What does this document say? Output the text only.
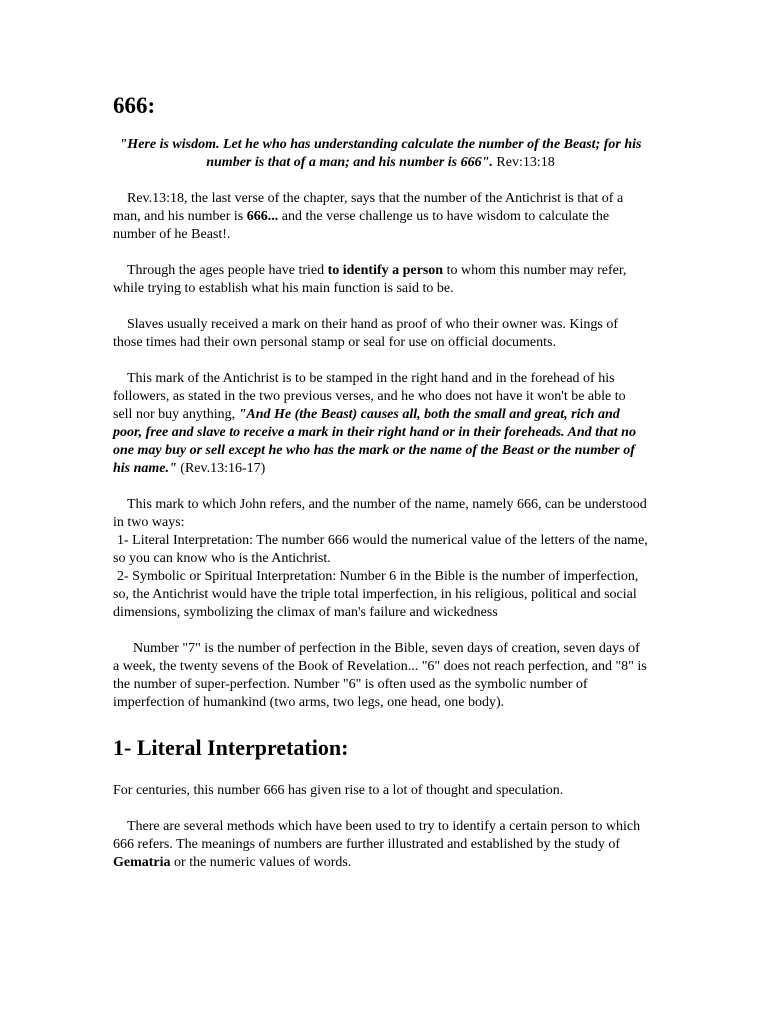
666:

"Here is wisdom. Let he who has understanding calculate the number of the Beast; for his number is that of a man; and his number is 666". Rev:13:18

Rev.13:18, the last verse of the chapter, says that the number of the Antichrist is that of a man, and his number is 666... and the verse challenge us to have wisdom to calculate the number of he Beast!.

Through the ages people have tried to identify a person to whom this number may refer, while trying to establish what his main function is said to be.

Slaves usually received a mark on their hand as proof of who their owner was. Kings of those times had their own personal stamp or seal for use on official documents.

This mark of the Antichrist is to be stamped in the right hand and in the forehead of his followers, as stated in the two previous verses, and he who does not have it won't be able to sell nor buy anything, "And He (the Beast) causes all, both the small and great, rich and poor, free and slave to receive a mark in their right hand or in their foreheads. And that no one may buy or sell except he who has the mark or the name of the Beast or the number of his name." (Rev.13:16-17)

This mark to which John refers, and the number of the name, namely 666, can be understood in two ways:

1- Literal Interpretation: The number 666 would the numerical value of the letters of the name, so you can know who is the Antichrist.

2- Symbolic or Spiritual Interpretation: Number 6 in the Bible is the number of imperfection, so, the Antichrist would have the triple total imperfection, in his religious, political and social dimensions, symbolizing the climax of man's failure and wickedness

Number "7" is the number of perfection in the Bible, seven days of creation, seven days of a week, the twenty sevens of the Book of Revelation... "6" does not reach perfection, and "8" is the number of super-perfection. Number "6" is often used as the symbolic number of imperfection of humankind (two arms, two legs, one head, one body).

1- Literal Interpretation:

For centuries, this number 666 has given rise to a lot of thought and speculation.

There are several methods which have been used to try to identify a certain person to which 666 refers. The meanings of numbers are further illustrated and established by the study of Gematria or the numeric values of words.
